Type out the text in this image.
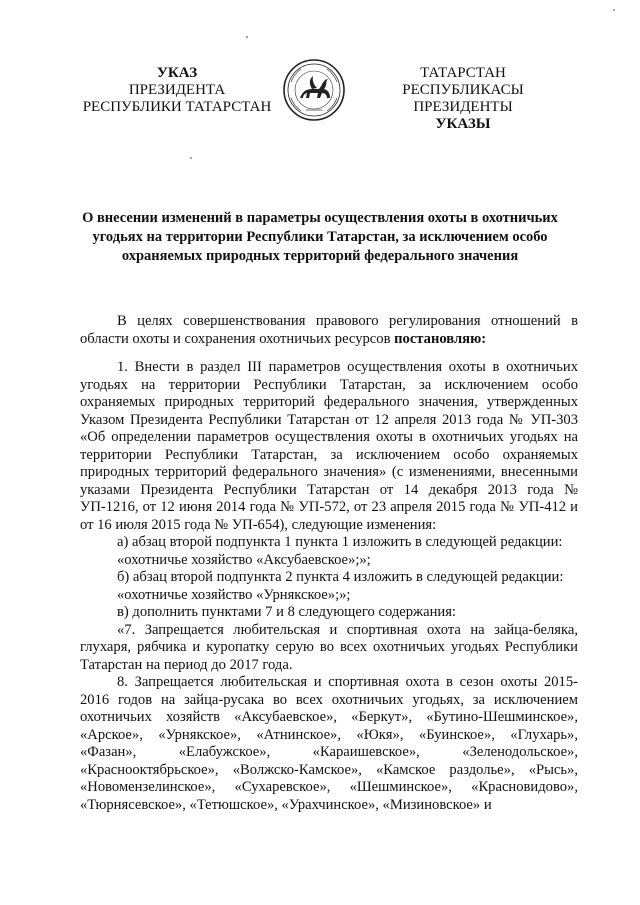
УКАЗ
ПРЕЗИДЕНТА
РЕСПУБЛИКИ ТАТАРСТАН
ТАТАРСТАН РЕСПУБЛИКАСЫ
ПРЕЗИДЕНТЫ
УКАЗЫ
О внесении изменений в параметры осуществления охоты в охотничьих угодьях на территории Республики Татарстан, за исключением особо охраняемых природных территорий федерального значения

В целях совершенствования правового регулирования отношений в области охоты и сохранения охотничьих ресурсов постановляю:

1. Внести в раздел III параметров осуществления охоты в охотничьих угодьях на территории Республики Татарстан, за исключением особо охраняемых природных территорий федерального значения, утвержденных Указом Президента Республики Татарстан от 12 апреля 2013 года № УП-303 «Об определении параметров осуществления охоты в охотничьих угодьях на территории Республики Татарстан, за исключением особо охраняемых природных территорий федерального значения» (с изменениями, внесенными указами Президента Республики Татарстан от 14 декабря 2013 года № УП-1216, от 12 июня 2014 года № УП-572, от 23 апреля 2015 года № УП-412 и от 16 июля 2015 года № УП-654), следующие изменения:

а) абзац второй подпункта 1 пункта 1 изложить в следующей редакции:

«охотничье хозяйство «Аксубаевское»;»;

б) абзац второй подпункта 2 пункта 4 изложить в следующей редакции:

«охотничье хозяйство «Урнякское»;»;

в) дополнить пунктами 7 и 8 следующего содержания:

«7. Запрещается любительская и спортивная охота на зайца-беляка, глухаря, рябчика и куропатку серую во всех охотничьих угодьях Республики Татарстан на период до 2017 года.

8. Запрещается любительская и спортивная охота в сезон охоты 2015-2016 годов на зайца-русака во всех охотничьих угодьях, за исключением охотничьих хозяйств «Аксубаевское», «Беркут», «Бутино-Шешминское», «Арское», «Урнякское», «Атнинское», «Юкя», «Буинское», «Глухарь», «Фазан», «Елабужское», «Караишевское», «Зеленодольское», «Краснооктябрьское», «Волжско-Камское», «Камское раздолье», «Рысь», «Новомензелинское», «Сухаревское», «Шешминское», «Красновидово», «Тюрнясевское», «Тетюшское», «Урахчинское», «Мизиновское» и
